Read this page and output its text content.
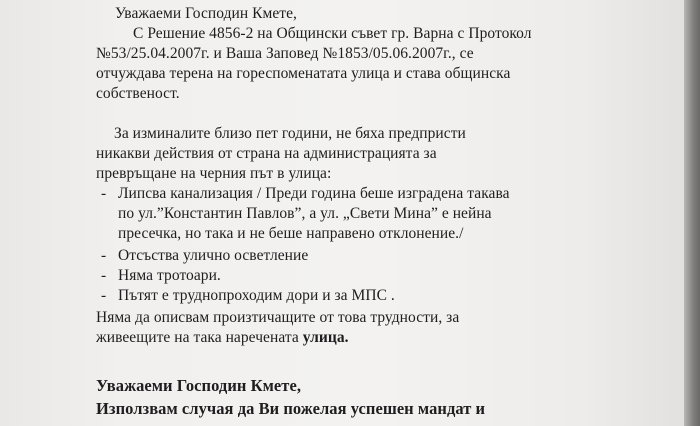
Уважаеми Господин Кмете,
С Решение 4856-2 на Общински съвет гр. Варна с Протокол
№53/25.04.2007г. и Ваша Заповед №1853/05.06.2007г., се
отчуждава терена на гореспоменатата улица и става общинска
собственост.
За изминалите близо пет години, не бяха предпристи
никакви действия от страна на администрацията за
превръщане на черния път в улица:
- Липсва канализация / Преди година беше изградена такава
по ул.”Константин Павлов”, а ул. „Свети Мина” е нейна
пресечка, но така и не беше направено отклонение./
- Отсъства улично осветление
- Няма тротоари.
- Пътят е труднопроходим дори и за МПС .
Няма да описвам произтичащите от това трудности, за
живеещите на така наречената улица.
Уважаеми Господин Кмете,
Използвам случая да Ви пожелая успешен мандат и
